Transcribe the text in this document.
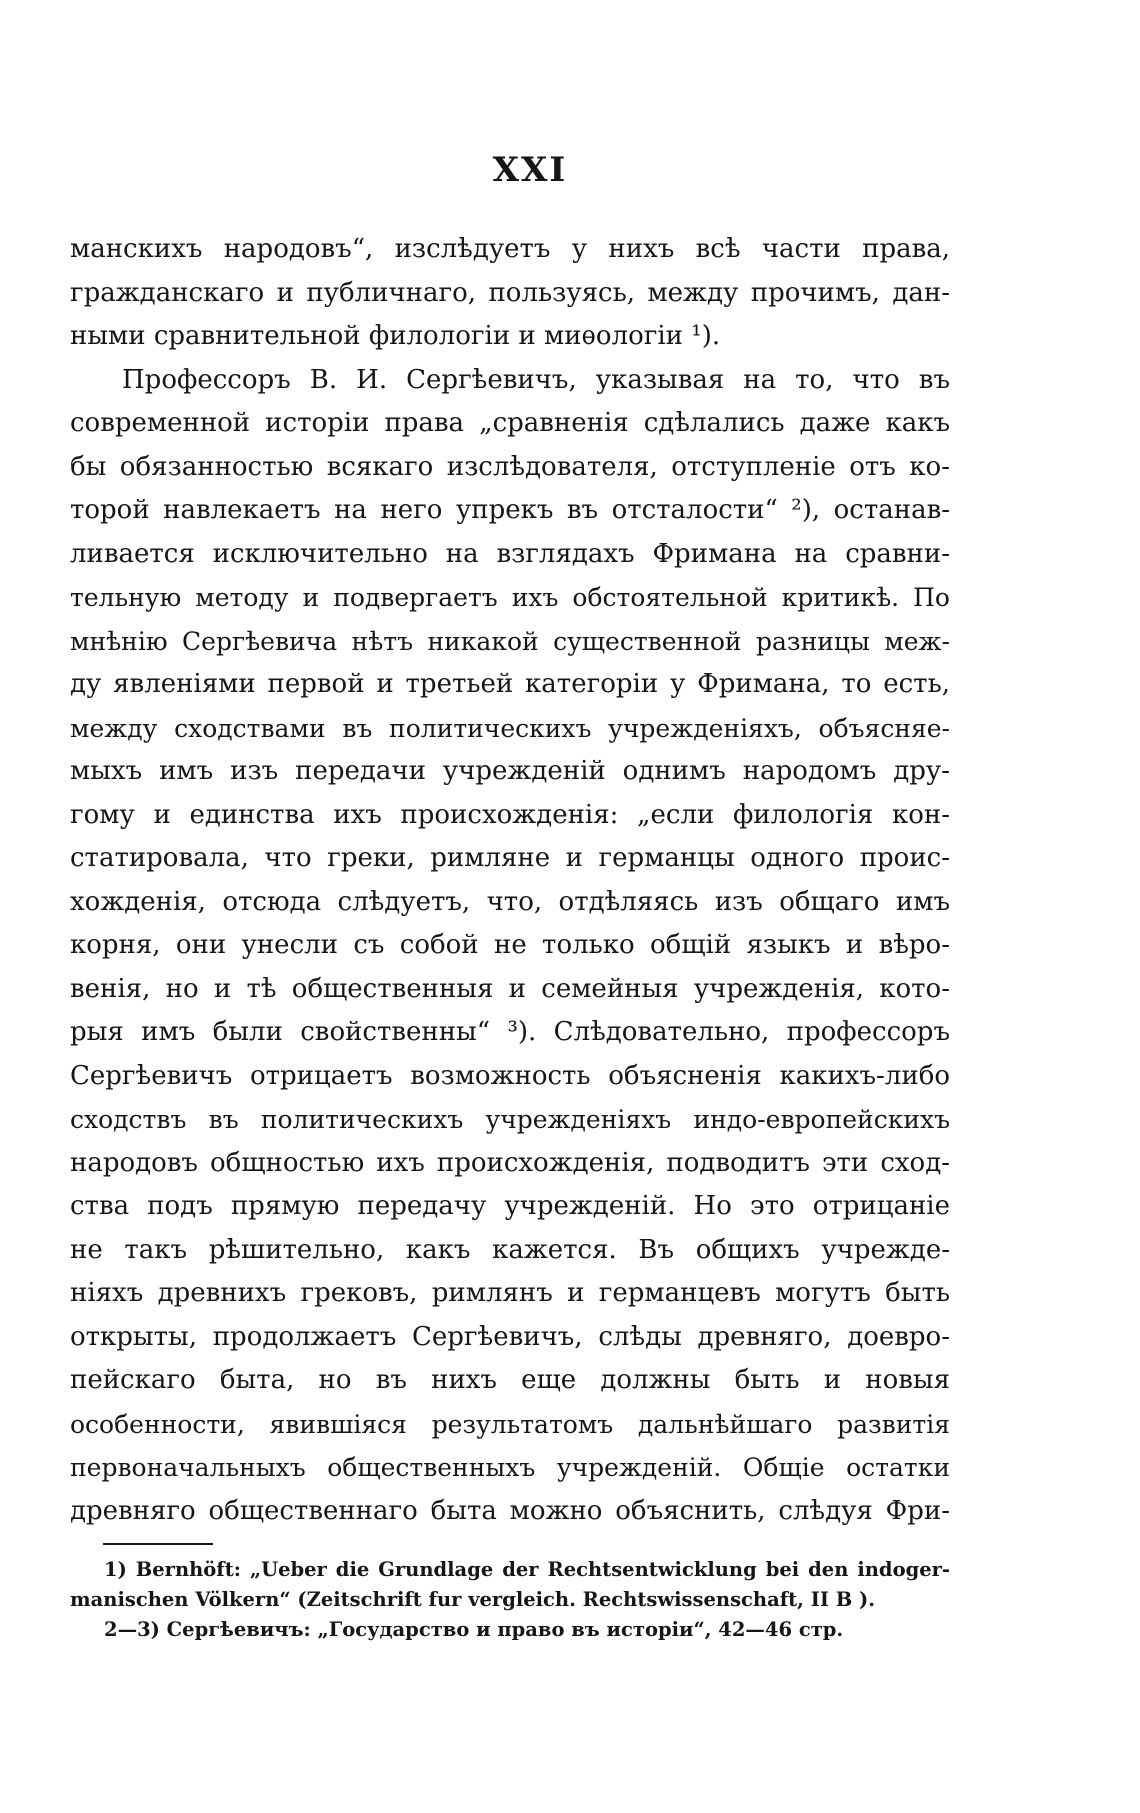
XXI
манскихъ народовъ“, изслѣдуетъ у нихъ всѣ части права,
гражданскаго и публичнаго, пользуясь, между прочимъ, дан-
ными сравнительной филологіи и миѳологіи ¹).
Профессоръ В. И. Сергѣевичъ, указывая на то, что въ
современной исторіи права „сравненія сдѣлались даже какъ
бы обязанностью всякаго изслѣдователя, отступленіе отъ ко-
торой навлекаетъ на него упрекъ въ отсталости“ ²), останав-
ливается исключительно на взглядахъ Фримана на сравни-
тельную методу и подвергаетъ ихъ обстоятельной критикѣ. По
мнѣнію Сергѣевича нѣтъ никакой существенной разницы меж-
ду явленіями первой и третьей категоріи у Фримана, то есть,
между сходствами въ политическихъ учрежденіяхъ, объясняе-
мыхъ имъ изъ передачи учрежденій однимъ народомъ дру-
гому и единства ихъ происхожденія: „если филологія кон-
статировала, что греки, римляне и германцы одного проис-
хожденія, отсюда слѣдуетъ, что, отдѣляясь изъ общаго имъ
корня, они унесли съ собой не только общій языкъ и вѣро-
венія, но и тѣ общественныя и семейныя учрежденія, кото-
рыя имъ были свойственны“ ³). Слѣдовательно, профессоръ
Сергѣевичъ отрицаетъ возможность объясненія какихъ-либо
сходствъ въ политическихъ учрежденіяхъ индо-европейскихъ
народовъ общностью ихъ происхожденія, подводитъ эти сход-
ства подъ прямую передачу учрежденій. Но это отрицаніе
не такъ рѣшительно, какъ кажется. Въ общихъ учрежде-
ніяхъ древнихъ грековъ, римлянъ и германцевъ могутъ быть
открыты, продолжаетъ Сергѣевичъ, слѣды древняго, доевро-
пейскаго быта, но въ нихъ еще должны быть и новыя
особенности, явившіяся результатомъ дальнѣйшаго развитія
первоначальныхъ общественныхъ учрежденій. Общіе остатки
древняго общественнаго быта можно объяснить, слѣдуя Фри-
1) Bernhöft: „Ueber die Grundlage der Rechtsentwicklung bei den indoger-
manischen Völkern“ (Zeitschrift fur vergleich. Rechtswissenschaft, II B ).
2—3) Сергѣевичъ: „Государство и право въ исторіи“, 42—46 стр.
